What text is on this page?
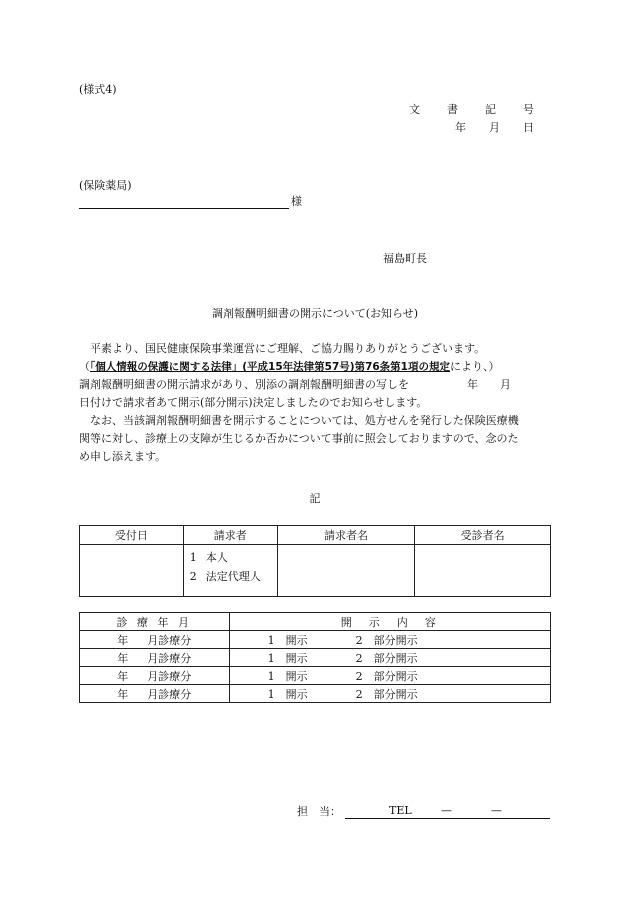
(様式4)
文 書 記 号
年 月 日
(保険薬局)
様
福島町長
調剤報酬明細書の開示について(お知らせ)

　平素より、国民健康保険事業運営にご理解、ご協力賜りありがとうございます。

（「個人情報の保護に関する法律」(平成15年法律第57号)第76条第1項の規定により、）

調剤報酬明細書の開示請求があり、別添の調剤報酬明細書の写しを	年 月

日付けで請求者あて開示(部分開示)決定しましたのでお知らせします。

　なお、当該調剤報酬明細書を開示することについては、処方せんを発行した保険医療機

関等に対し、診療上の支障が生じるか否かについて事前に照会しておりますので、念のた

め申し添えます。

記
受付日	請求者	請求者名	受診者名

	1 本人
2 法定代理人		

診 療 年 月	開　示　内　容
年 月診療分	1　開示 2　部分開示
年 月診療分	1　開示 2　部分開示
年 月診療分	1　開示 2　部分開示
年 月診療分	1　開示 2　部分開示
担　当：	TEL	—	—
